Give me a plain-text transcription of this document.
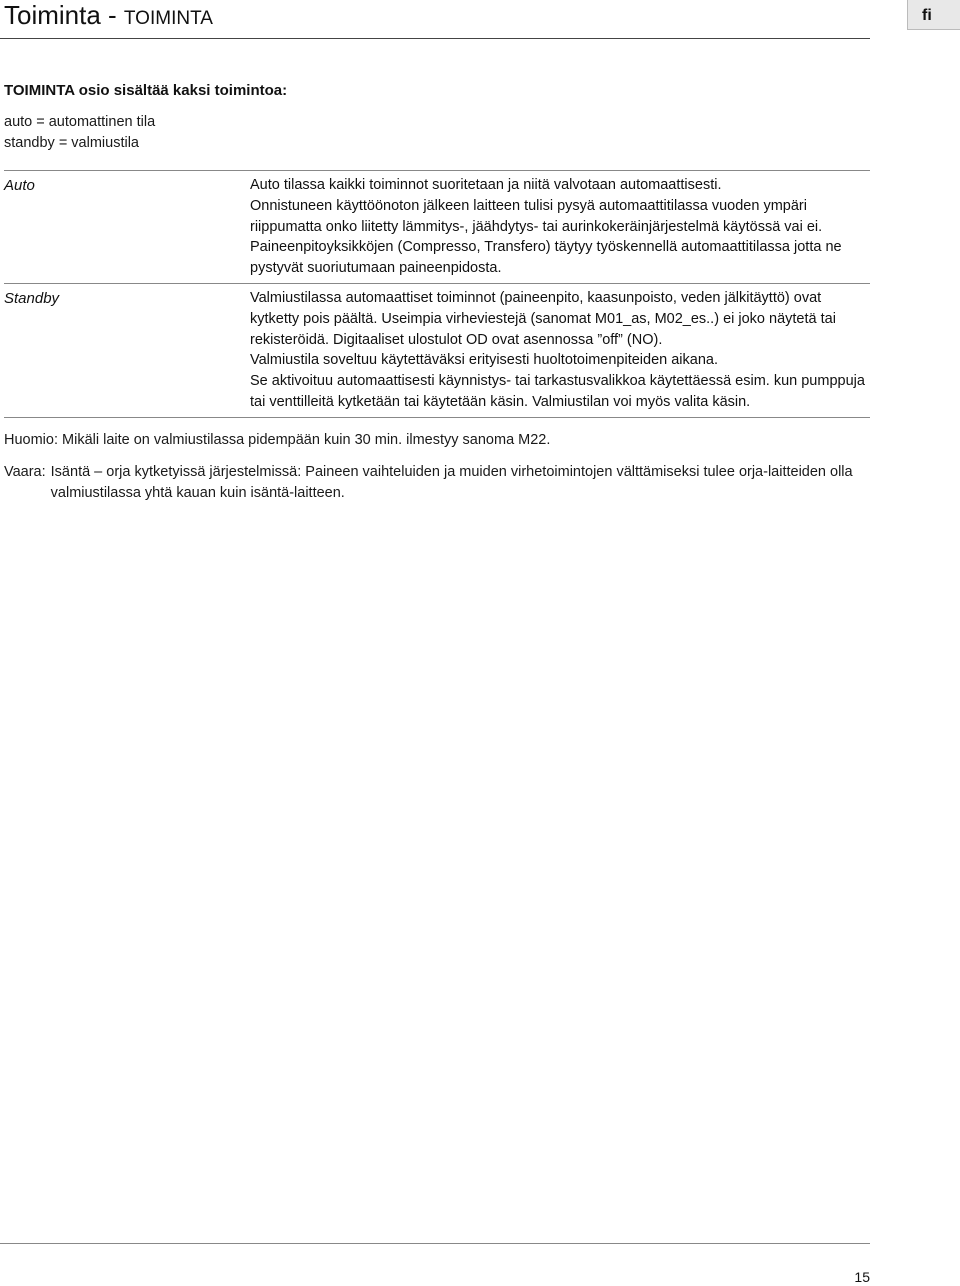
Toiminta - TOIMINTA	fi
TOIMINTA osio sisältää kaksi toimintoa:
auto = automattinen tila
standby = valmiustila
Auto	Auto tilassa kaikki toiminnot suoritetaan ja niitä valvotaan automaattisesti.

Onnistuneen käyttöönoton jälkeen laitteen tulisi pysyä automaattitilassa vuoden ympäri riippumatta onko liitetty lämmitys-, jäähdytys- tai aurinkokeräinjärjestelmä käytössä vai ei. Paineenpitoyksikköjen (Compresso, Transfero) täytyy työskennellä automaattitilassa jotta ne pystyvät suoriutumaan paineenpidosta.

Standby	Valmiustilassa automaattiset toiminnot (paineenpito, kaasunpoisto, veden jälkitäyttö) ovat kytketty pois päältä. Useimpia virheviestejä (sanomat M01_as, M02_es..) ei joko näytetä tai rekisteröidä. Digitaaliset ulostulot OD ovat asennossa ”off” (NO).

Valmiustila soveltuu käytettäväksi erityisesti huoltotoimenpiteiden aikana.

Se aktivoituu automaattisesti käynnistys- tai tarkastusvalikkoa käytettäessä esim. kun pumppuja tai venttilleitä kytketään tai käytetään käsin. Valmiustilan voi myös valita käsin.

Huomio: Mikäli laite on valmiustilassa pidempään kuin 30 min. ilmestyy sanoma M22.
Vaara: Isäntä – orja kytketyissä järjestelmissä: Paineen vaihteluiden ja muiden virhetoimintojen välttämiseksi tulee orja-laitteiden olla valmiustilassa yhtä kauan kuin isäntä-laitteen.
15
